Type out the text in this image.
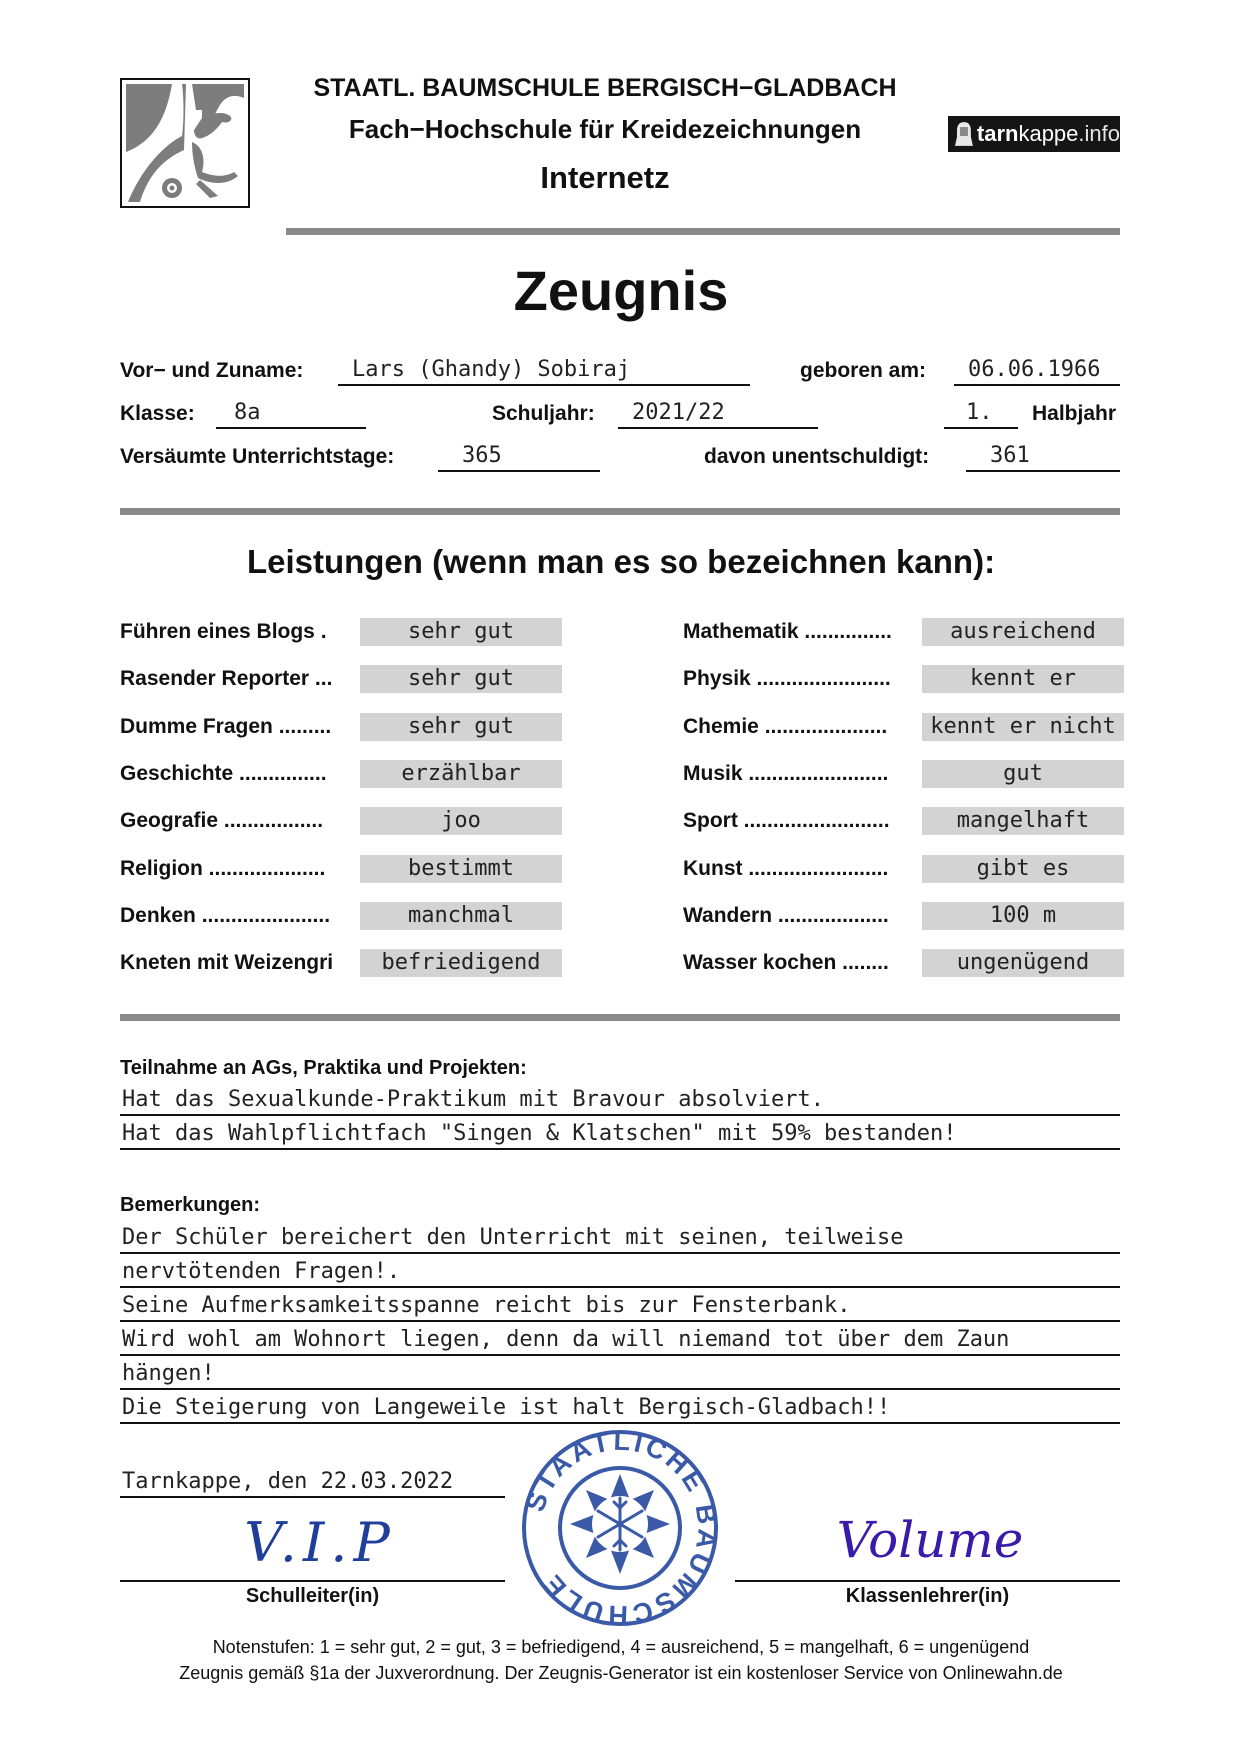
STAATL. BAUMSCHULE BERGISCH−GLADBACH
Fach−Hochschule für Kreidezeichnungen
Internetz
tarn kappe .info
Zeugnis
Vor− und Zuname:	Lars (Ghandy) Sobiraj	geboren am:	06.06.1966
Klasse:	8a	Schuljahr:	2021/22	1.	Halbjahr
Versäumte Unterrichtstage:	365	davon unentschuldigt:	361
Leistungen (wenn man es so bezeichnen kann):
Führen eines Blogs .	sehr gut
Rasender Reporter ...	sehr gut
Dumme Fragen .........	sehr gut
Geschichte ...............	erzählbar
Geografie .................	joo
Religion ....................	bestimmt
Denken ......................	manchmal
Kneten mit Weizengri	befriedigend
Mathematik ...............	ausreichend
Physik .......................	kennt er
Chemie .....................	kennt er nicht
Musik ........................	gut
Sport .........................	mangelhaft
Kunst ........................	gibt es
Wandern ...................	100 m
Wasser kochen ........	ungenügend
Teilnahme an AGs, Praktika und Projekten:
Hat das Sexualkunde-Praktikum mit Bravour absolviert.
Hat das Wahlpflichtfach "Singen & Klatschen" mit 59% bestanden!
Bemerkungen:
Der Schüler bereichert den Unterricht mit seinen, teilweise
nervtötenden Fragen!.
Seine Aufmerksamkeitsspanne reicht bis zur Fensterbank.
Wird wohl am Wohnort liegen, denn da will niemand tot über dem Zaun
hängen!
Die Steigerung von Langeweile ist halt Bergisch-Gladbach!!
Tarnkappe, den 22.03.2022
V.I.P
Schulleiter(in)
STAATLICHE BAUMSCHULE
Volume
Klassenlehrer(in)
Notenstufen: 1 = sehr gut, 2 = gut, 3 = befriedigend, 4 = ausreichend, 5 = mangelhaft, 6 = ungenügend
Zeugnis gemäß §1a der Juxverordnung. Der Zeugnis-Generator ist ein kostenloser Service von Onlinewahn.de
